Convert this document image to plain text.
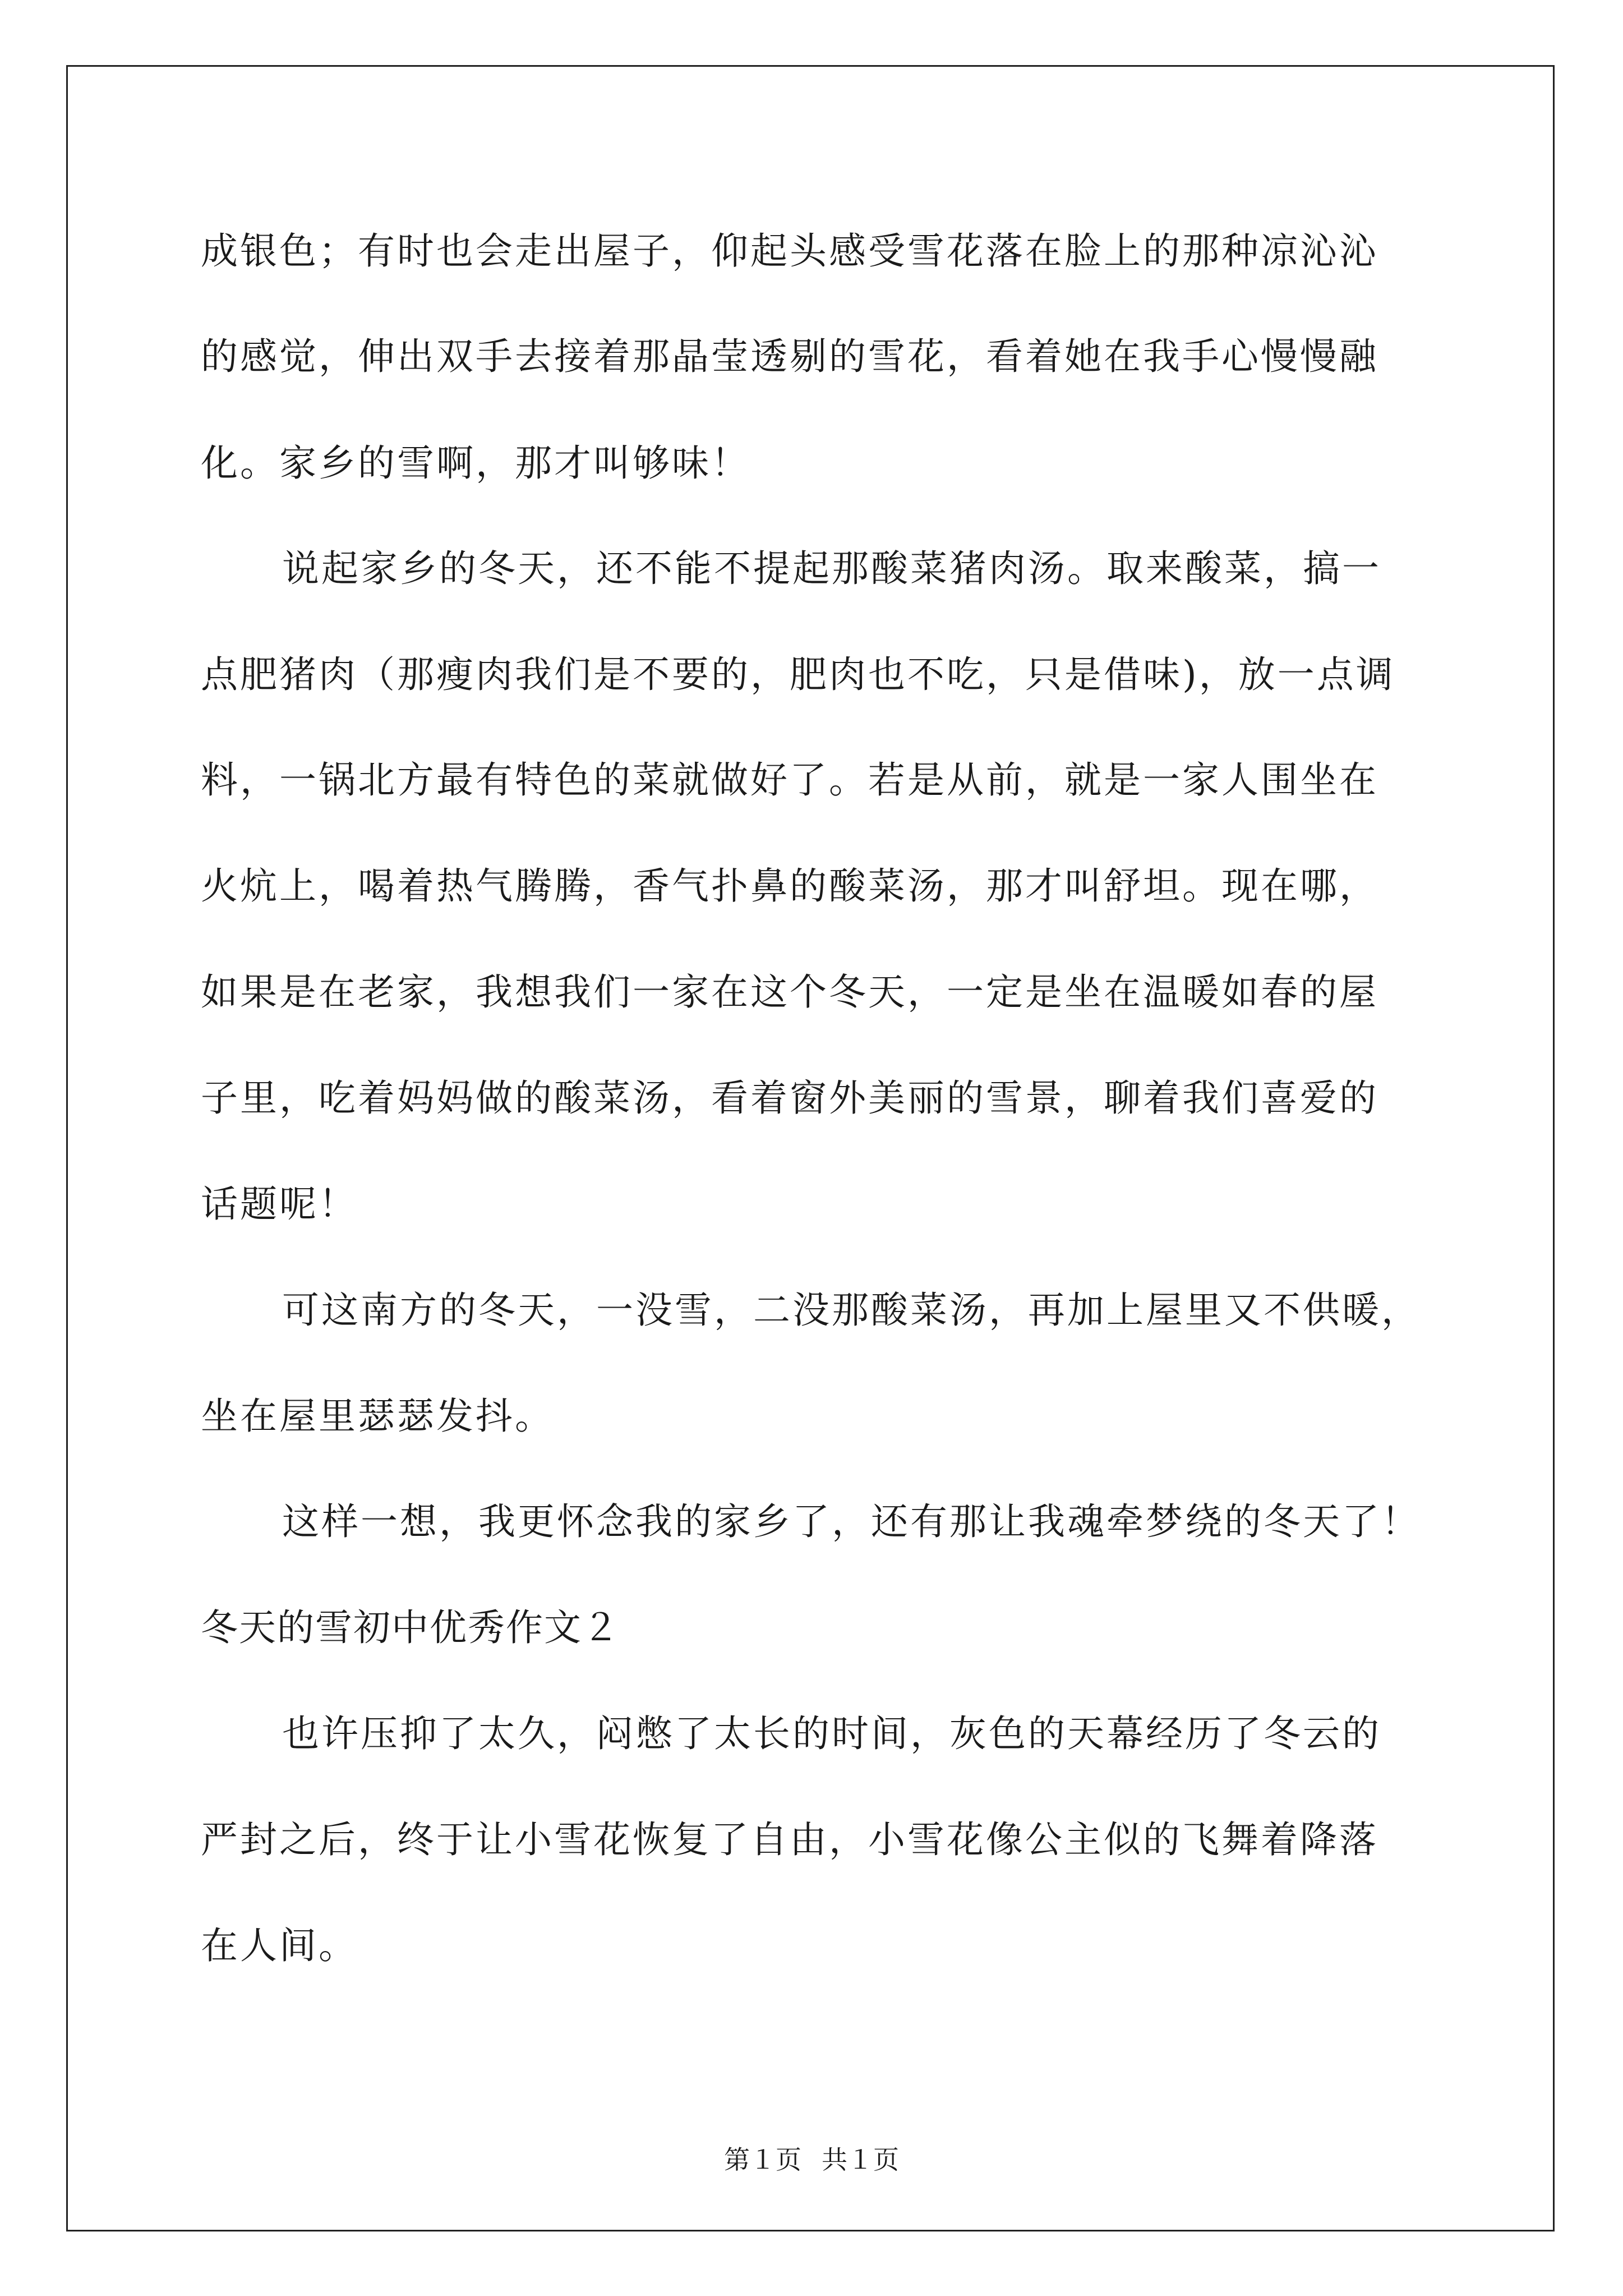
成银色；有时也会走出屋子，仰起头感受雪花落在脸上的那种凉沁沁

的感觉，伸出双手去接着那晶莹透剔的雪花，看着她在我手心慢慢融

化。家乡的雪啊，那才叫够味！

说起家乡的冬天，还不能不提起那酸菜猪肉汤。取来酸菜，搞一

点肥猪肉（那瘦肉我们是不要的，肥肉也不吃，只是借味)，放一点调

料，一锅北方最有特色的菜就做好了。若是从前，就是一家人围坐在

火炕上，喝着热气腾腾，香气扑鼻的酸菜汤，那才叫舒坦。现在哪，

如果是在老家，我想我们一家在这个冬天，一定是坐在温暖如春的屋

子里，吃着妈妈做的酸菜汤，看着窗外美丽的雪景，聊着我们喜爱的

话题呢！

可这南方的冬天，一没雪，二没那酸菜汤，再加上屋里又不供暖，

坐在屋里瑟瑟发抖。

这样一想，我更怀念我的家乡了，还有那让我魂牵梦绕的冬天了！

冬天的雪初中优秀作文２

也许压抑了太久，闷憋了太长的时间，灰色的天幕经历了冬云的

严封之后，终于让小雪花恢复了自由，小雪花像公主似的飞舞着降落

在人间。

第１页 共１页
